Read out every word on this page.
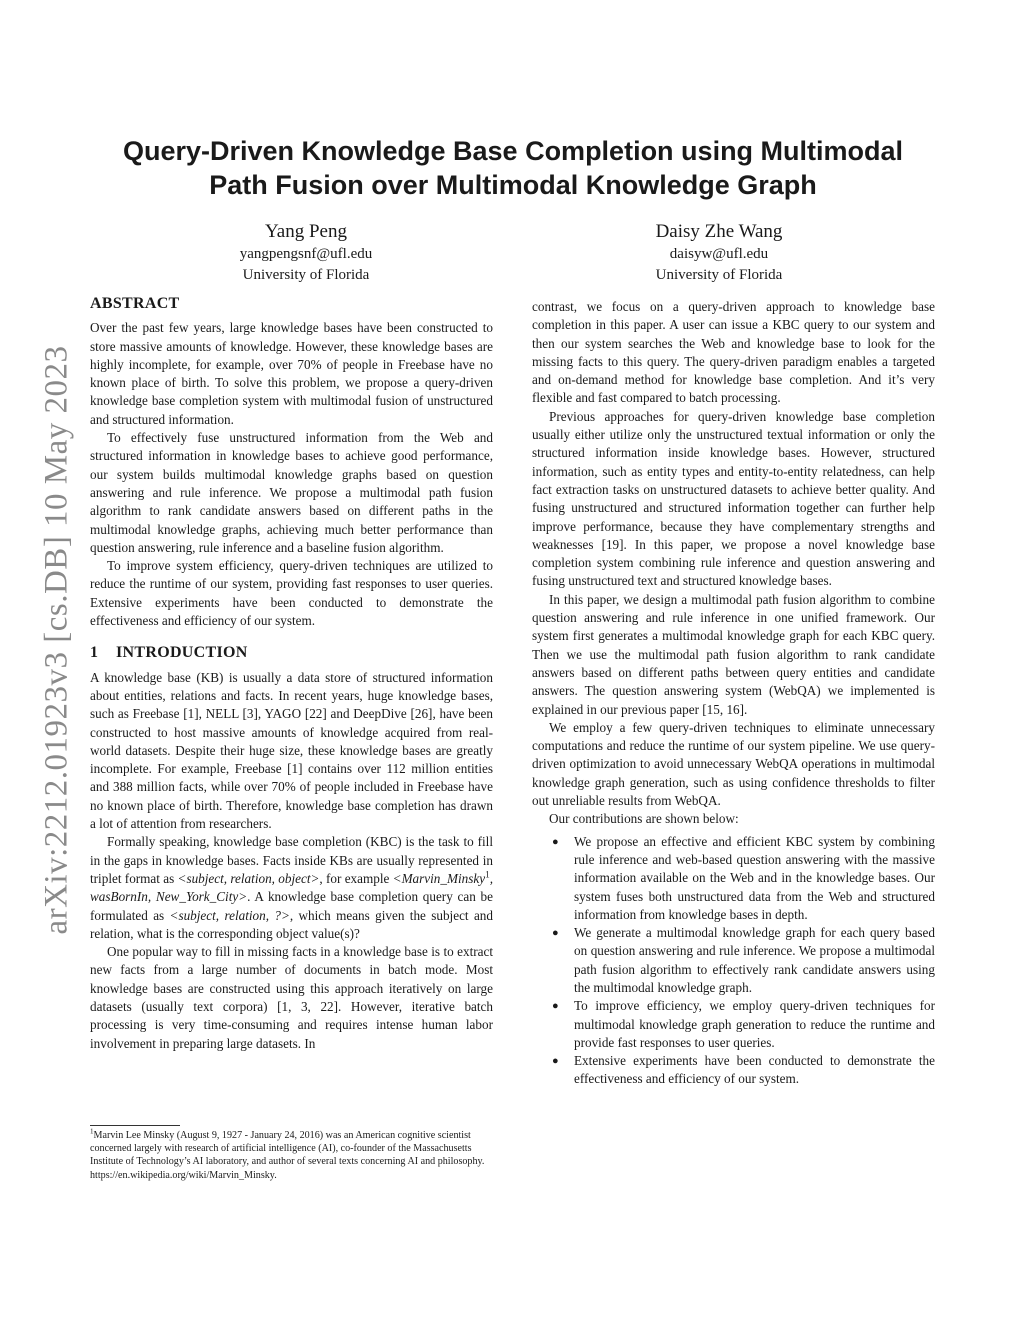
arXiv:2212.01923v3 [cs.DB] 10 May 2023
Query-Driven Knowledge Base Completion using Multimodal Path Fusion over Multimodal Knowledge Graph
Yang Peng
yangpengsnf@ufl.edu
University of Florida
Daisy Zhe Wang
daisyw@ufl.edu
University of Florida
ABSTRACT

Over the past few years, large knowledge bases have been constructed to store massive amounts of knowledge. However, these knowledge bases are highly incomplete, for example, over 70% of people in Freebase have no known place of birth. To solve this problem, we propose a query-driven knowledge base completion system with multimodal fusion of unstructured and structured information.

To effectively fuse unstructured information from the Web and structured information in knowledge bases to achieve good performance, our system builds multimodal knowledge graphs based on question answering and rule inference. We propose a multimodal path fusion algorithm to rank candidate answers based on different paths in the multimodal knowledge graphs, achieving much better performance than question answering, rule inference and a baseline fusion algorithm.

To improve system efficiency, query-driven techniques are utilized to reduce the runtime of our system, providing fast responses to user queries. Extensive experiments have been conducted to demonstrate the effectiveness and efficiency of our system.

1 INTRODUCTION

A knowledge base (KB) is usually a data store of structured information about entities, relations and facts. In recent years, huge knowledge bases, such as Freebase [1], NELL [3], YAGO [22] and DeepDive [26], have been constructed to host massive amounts of knowledge acquired from real-world datasets. Despite their huge size, these knowledge bases are greatly incomplete. For example, Freebase [1] contains over 112 million entities and 388 million facts, while over 70% of people included in Freebase have no known place of birth. Therefore, knowledge base completion has drawn a lot of attention from researchers.

Formally speaking, knowledge base completion (KBC) is the task to fill in the gaps in knowledge bases. Facts inside KBs are usually represented in triplet format as <subject, relation, object>, for example <Marvin_Minsky$^1$, wasBornIn, New_York_City>. A knowledge base completion query can be formulated as <subject, relation, ?>, which means given the subject and relation, what is the corresponding object value(s)?

One popular way to fill in missing facts in a knowledge base is to extract new facts from a large number of documents in batch mode. Most knowledge bases are constructed using this approach iteratively on large datasets (usually text corpora) [1, 3, 22]. However, iterative batch processing is very time-consuming and requires intense human labor involvement in preparing large datasets. In

$^1$Marvin Lee Minsky (August 9, 1927 - January 24, 2016) was an American cognitive scientist concerned largely with research of artificial intelligence (AI), co-founder of the Massachusetts Institute of Technology’s AI laboratory, and author of several texts concerning AI and philosophy. https://en.wikipedia.org/wiki/Marvin_Minsky.

contrast, we focus on a query-driven approach to knowledge base completion in this paper. A user can issue a KBC query to our system and then our system searches the Web and knowledge base to look for the missing facts to this query. The query-driven paradigm enables a targeted and on-demand method for knowledge base completion. And it’s very flexible and fast compared to batch processing.

Previous approaches for query-driven knowledge base completion usually either utilize only the unstructured textual information or only the structured information inside knowledge bases. However, structured information, such as entity types and entity-to-entity relatedness, can help fact extraction tasks on unstructured datasets to achieve better quality. And fusing unstructured and structured information together can further help improve performance, because they have complementary strengths and weaknesses [19]. In this paper, we propose a novel knowledge base completion system combining rule inference and question answering and fusing unstructured text and structured knowledge bases.

In this paper, we design a multimodal path fusion algorithm to combine question answering and rule inference in one unified framework. Our system first generates a multimodal knowledge graph for each KBC query. Then we use the multimodal path fusion algorithm to rank candidate answers based on different paths between query entities and candidate answers. The question answering system (WebQA) we implemented is explained in our previous paper [15, 16].

We employ a few query-driven techniques to eliminate unnecessary computations and reduce the runtime of our system pipeline. We use query-driven optimization to avoid unnecessary WebQA operations in multimodal knowledge graph generation, such as using confidence thresholds to filter out unreliable results from WebQA.

Our contributions are shown below:

● We propose an effective and efficient KBC system by combining rule inference and web-based question answering with the massive information available on the Web and in the knowledge bases. Our system fuses both unstructured data from the Web and structured information from knowledge bases in depth.
● We generate a multimodal knowledge graph for each query based on question answering and rule inference. We propose a multimodal path fusion algorithm to effectively rank candidate answers using the multimodal knowledge graph.
● To improve efficiency, we employ query-driven techniques for multimodal knowledge graph generation to reduce the runtime and provide fast responses to user queries.
● Extensive experiments have been conducted to demonstrate the effectiveness and efficiency of our system.
